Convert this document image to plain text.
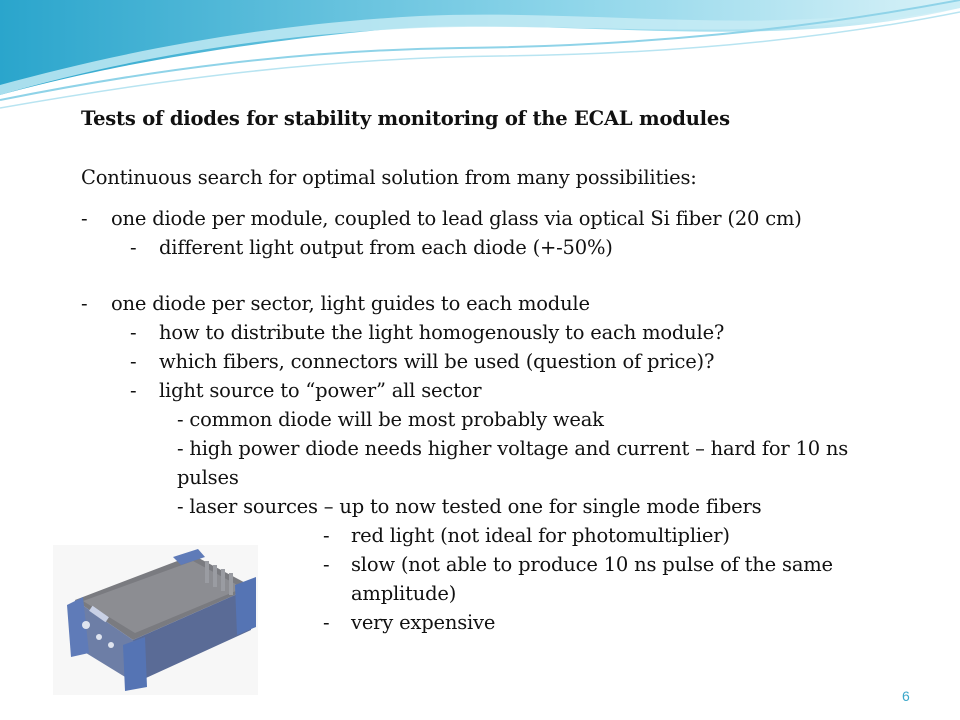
Tests of diodes for stability monitoring of the ECAL modules
Continuous search for optimal solution from many possibilities:
- one diode per module, coupled to lead glass via optical Si fiber (20 cm)
- different light output from each diode (+-50%)
- one diode per sector, light guides to each module
- how to distribute the light homogenously to each module?
- which fibers, connectors will be used (question of price)?
- light source to “power” all sector
- common diode will be most probably weak
- high power diode needs higher voltage and current – hard for 10 ns
pulses
- laser sources – up to now tested one for single mode fibers
- red light (not ideal for photomultiplier)
- slow (not able to produce 10 ns pulse of the same
amplitude)
- very expensive
6
